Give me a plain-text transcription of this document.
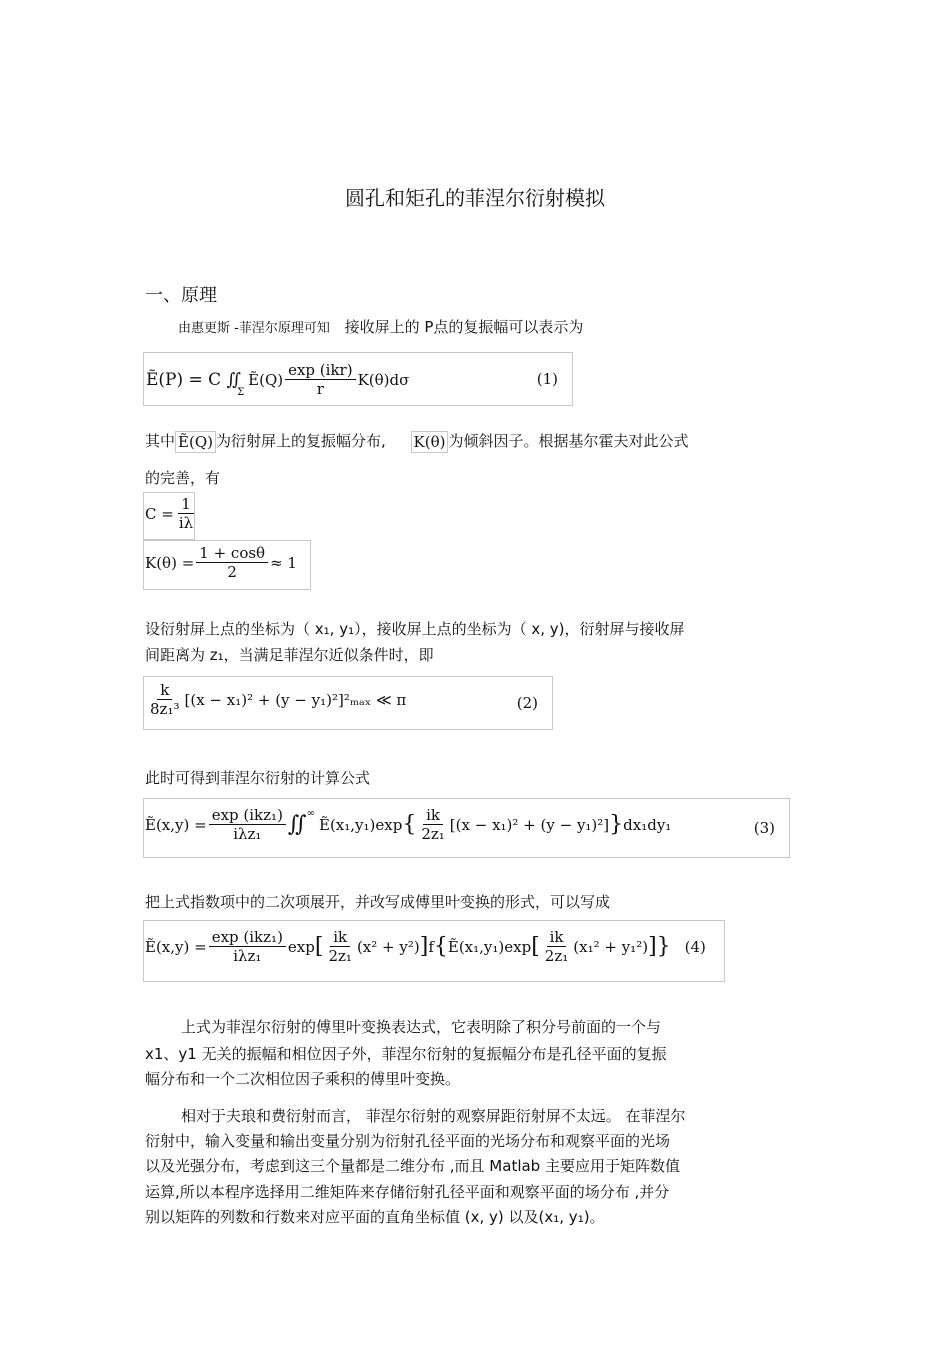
圆孔和矩孔的菲涅尔衍射模拟
一、原理
由惠更斯 -菲涅尔原理可知 接收屏上的 P点的复振幅可以表示为
Ẽ(P) = C ∬
Σ
Ẽ(Q) $\frac{\text{exp (ikr)}}{r} K(\theta)d\sigma$	(1)
其中 Ẽ(Q) 为衍射屏上的复振幅分布, K(θ) 为倾斜因子。根据基尔霍夫对此公式
的完善，有
$C = \frac{1}{i\lambda}$
$K(\theta) = \frac{1 + \cos\theta}{2} \approx 1$
设衍射屏上点的坐标为（ x₁, y₁），接收屏上点的坐标为（ x, y)，衍射屏与接收屏
间距离为 z₁，当满足菲涅尔近似条件时，即
$\frac{k}{\text{8z₁³}} [(x - x_1)^2 + (y - y_1)^2]^2_{max}$ ≪ π	(2)
此时可得到菲涅尔衍射的计算公式
Ẽ(x,y) = $\frac{\text{exp (ikz₁)}}{\text{iλz₁}}$ ∬∞
Ẽ(x₁,y₁)exp { $\frac{ik}{\text{2z₁}} [(x - x_1)^2 + (y - y_1)^2]$ } dx₁dy₁	(3)
把上式指数项中的二次项展开，并改写成傅里叶变换的形式，可以写成
Ẽ(x,y) = $\frac{\text{exp (ikz₁)}}{\text{iλz₁}}$ exp [ $\frac{ik}{\text{2z₁}} (x^2 + y^2)$ ] f { Ẽ(x₁,y₁)exp [ $\frac{ik}{\text{2z₁}} (x_1^2 + y_1^2)$ ]} (4)
上式为菲涅尔衍射的傅里叶变换表达式，它表明除了积分号前面的一个与
x1、y1 无关的振幅和相位因子外，菲涅尔衍射的复振幅分布是孔径平面的复振
幅分布和一个二次相位因子乘积的傅里叶变换。
相对于夫琅和费衍射而言， 菲涅尔衍射的观察屏距衍射屏不太远。 在菲涅尔
衍射中，输入变量和输出变量分别为衍射孔径平面的光场分布和观察平面的光场
以及光强分布，考虑到这三个量都是二维分布 ,而且 Matlab 主要应用于矩阵数值
运算,所以本程序选择用二维矩阵来存储衍射孔径平面和观察平面的场分布 ,并分
别以矩阵的列数和行数来对应平面的直角坐标值 (x, y) 以及(x₁, y₁)。
